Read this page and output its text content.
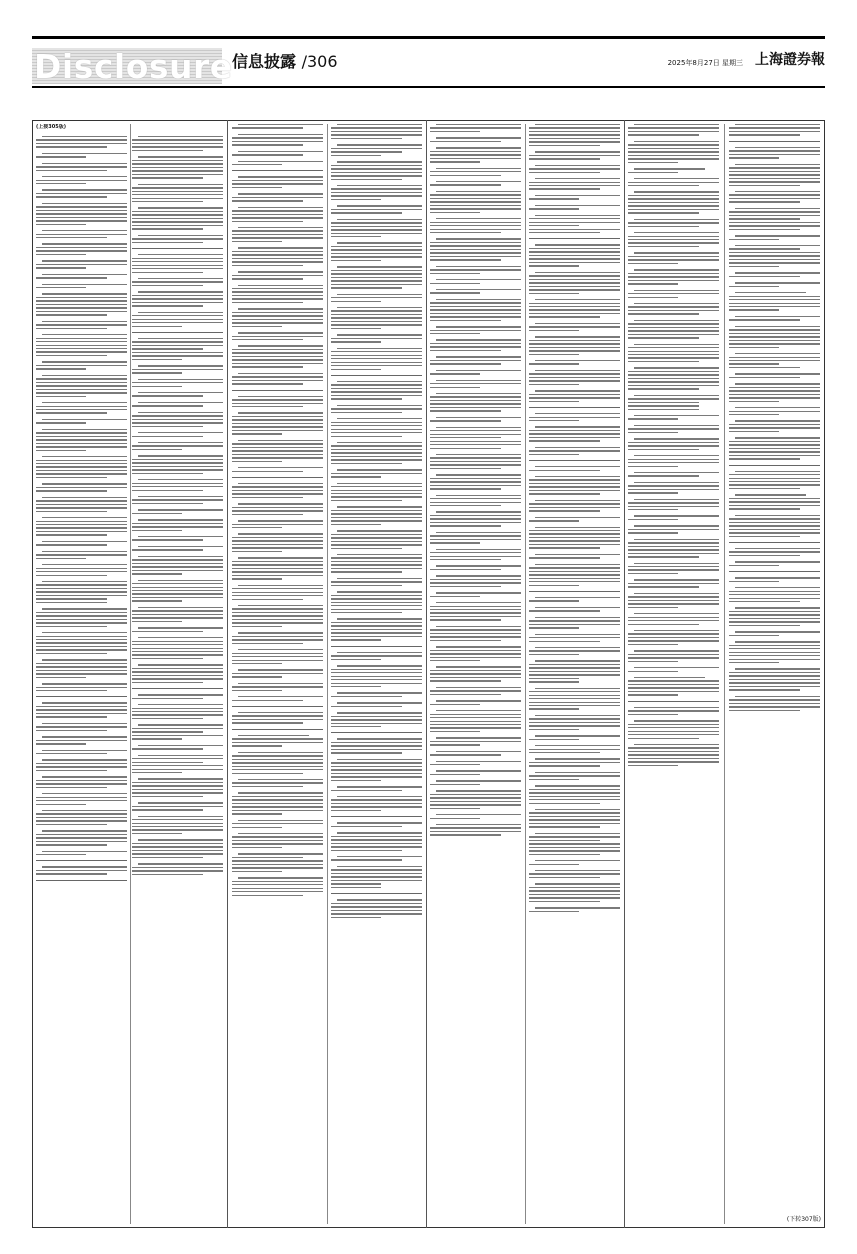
Disclosure 信息披露 /306	2025年8月27日 星期三 上海證券報
(上接305版)
(下转307版)
